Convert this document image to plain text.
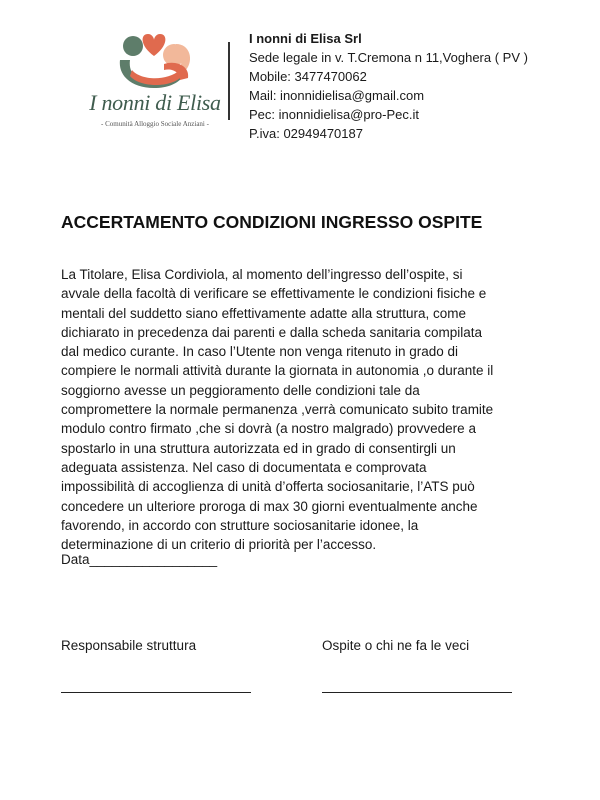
I nonni di Elisa
- Comunità Alloggio Sociale Anziani -
I nonni di Elisa Srl
Sede legale in v. T.Cremona n 11,Voghera ( PV )
Mobile: 3477470062
Mail: inonnidielisa@gmail.com
Pec: inonnidielisa@pro-Pec.it
P.iva: 02949470187
ACCERTAMENTO CONDIZIONI INGRESSO OSPITE
La Titolare, Elisa Cordiviola, al momento dell’ingresso dell’ospite, si
avvale della facoltà di verificare se effettivamente le condizioni fisiche e
mentali del suddetto siano effettivamente adatte alla struttura, come
dichiarato in precedenza dai parenti e dalla scheda sanitaria compilata
dal medico curante. In caso l’Utente non venga ritenuto in grado di
compiere le normali attività durante la giornata in autonomia ,o durante il
soggiorno avesse un peggioramento delle condizioni tale da
compromettere la normale permanenza ,verrà comunicato subito tramite
modulo contro firmato ,che si dovrà (a nostro malgrado) provvedere a
spostarlo in una struttura autorizzata ed in grado di consentirgli un
adeguata assistenza. Nel caso di documentata e comprovata
impossibilità di accoglienza di unità d’offerta sociosanitarie, l’ATS può
concedere un ulteriore proroga di max 30 giorni eventualmente anche
favorendo, in accordo con strutture sociosanitarie idonee, la
determinazione di un criterio di priorità per l’accesso.
Data_________________
Responsabile struttura	Ospite o chi ne fa le veci
